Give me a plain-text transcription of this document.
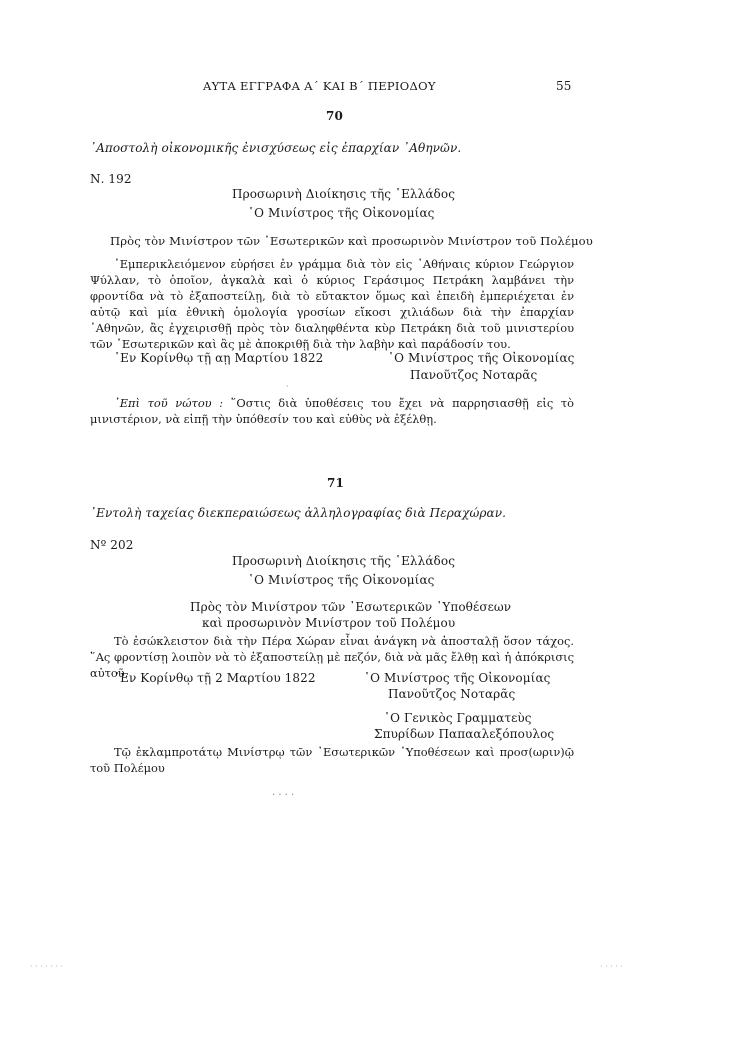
ΑΥΤΑ ΕΓΓΡΑΦΑ Α΄ ΚΑΙ Β΄ ΠΕΡΙΟΔΟΥ	55
70
᾿Αποστολὴ οἰκονομικῆς ἐνισχύσεως εἰς ἐπαρχίαν ᾿Αθηνῶν.
Ν. 192
Προσωρινὴ Διοίκησις τῆς ῾Ελλάδος
῾Ο Μινίστρος τῆς Οἰκονομίας
Πρὸς τὸν Μινίστρον τῶν ᾿Εσωτερικῶν καὶ προσωρινὸν Μινίστρον τοῦ Πολέμου
᾿Εμπερικλειόμενον εὑρήσει ἐν γράμμα διὰ τὸν εἰς ᾿Αθήναις κύριον Γεώργιον Ψύλλαν, τὸ ὁποῖον, ἀγκαλὰ καὶ ὁ κύριος Γεράσιμος Πετράκη λαμβάνει τὴν φροντίδα νὰ τὸ ἐξαποστείλῃ, διὰ τὸ εὔτακτον ὅμως καὶ ἐπειδὴ ἐμπεριέχεται ἐν αὐτῷ καὶ μία ἐθνικὴ ὁμολογία γροσίων εἴκοσι χιλιάδων διὰ τὴν ἐπαρχίαν ᾿Αθηνῶν, ἂς ἐγχειρισθῇ πρὸς τὸν διαληφθέντα κὺρ Πετράκη διὰ τοῦ μινιστερίου τῶν ᾿Εσωτερικῶν καὶ ἂς μὲ ἀποκριθῇ διὰ τὴν λαβὴν καὶ παράδοσίν του.
᾿Εν Κορίνθῳ τῇ αῃ Μαρτίου 1822	῾Ο Μινίστρος τῆς Οἰκονομίας
Πανοῦτζος Νοταρᾶς
᾿Επὶ τοῦ νώτου : ῞Οστις διὰ ὑποθέσεις του ἔχει νὰ παρρησιασθῇ εἰς τὸ μινιστέριον, νὰ εἰπῇ τὴν ὑπόθεσίν του καὶ εὐθὺς νὰ ἐξέλθῃ.
71
᾿Εντολὴ ταχείας διεκπεραιώσεως ἀλληλογραφίας διὰ Περαχώραν.
Nº 202
Προσωρινὴ Διοίκησις τῆς ῾Ελλάδος
῾Ο Μινίστρος τῆς Οἰκονομίας
Πρὸς τὸν Μινίστρον τῶν ᾿Εσωτερικῶν ῾Υποθέσεων
καὶ προσωρινὸν Μινίστρον τοῦ Πολέμου
Τὸ ἐσώκλειστον διὰ τὴν Πέρα Χώραν εἶναι ἀνάγκη νὰ ἀποσταλῇ ὅσον τάχος. ῞Ας φροντίσῃ λοιπὸν νὰ τὸ ἐξαποστείλῃ μὲ πεζόν, διὰ νὰ μᾶς ἔλθῃ καὶ ἡ ἀπόκρισις αὐτοῦ.
᾿Εν Κορίνθῳ τῇ 2 Μαρτίου 1822	῾Ο Μινίστρος τῆς Οἰκονομίας
Πανοῦτζος Νοταρᾶς
῾Ο Γενικὸς Γραμματεὺς
Σπυρίδων Παπααλεξόπουλος
Τῷ ἐκλαμπροτάτῳ Μινίστρῳ τῶν ᾿Εσωτερικῶν ῾Υποθέσεων καὶ προσ(ωριν)ῷ τοῦ Πολέμου
· · · ·
· · · · · · ·	· · · · ·
·
